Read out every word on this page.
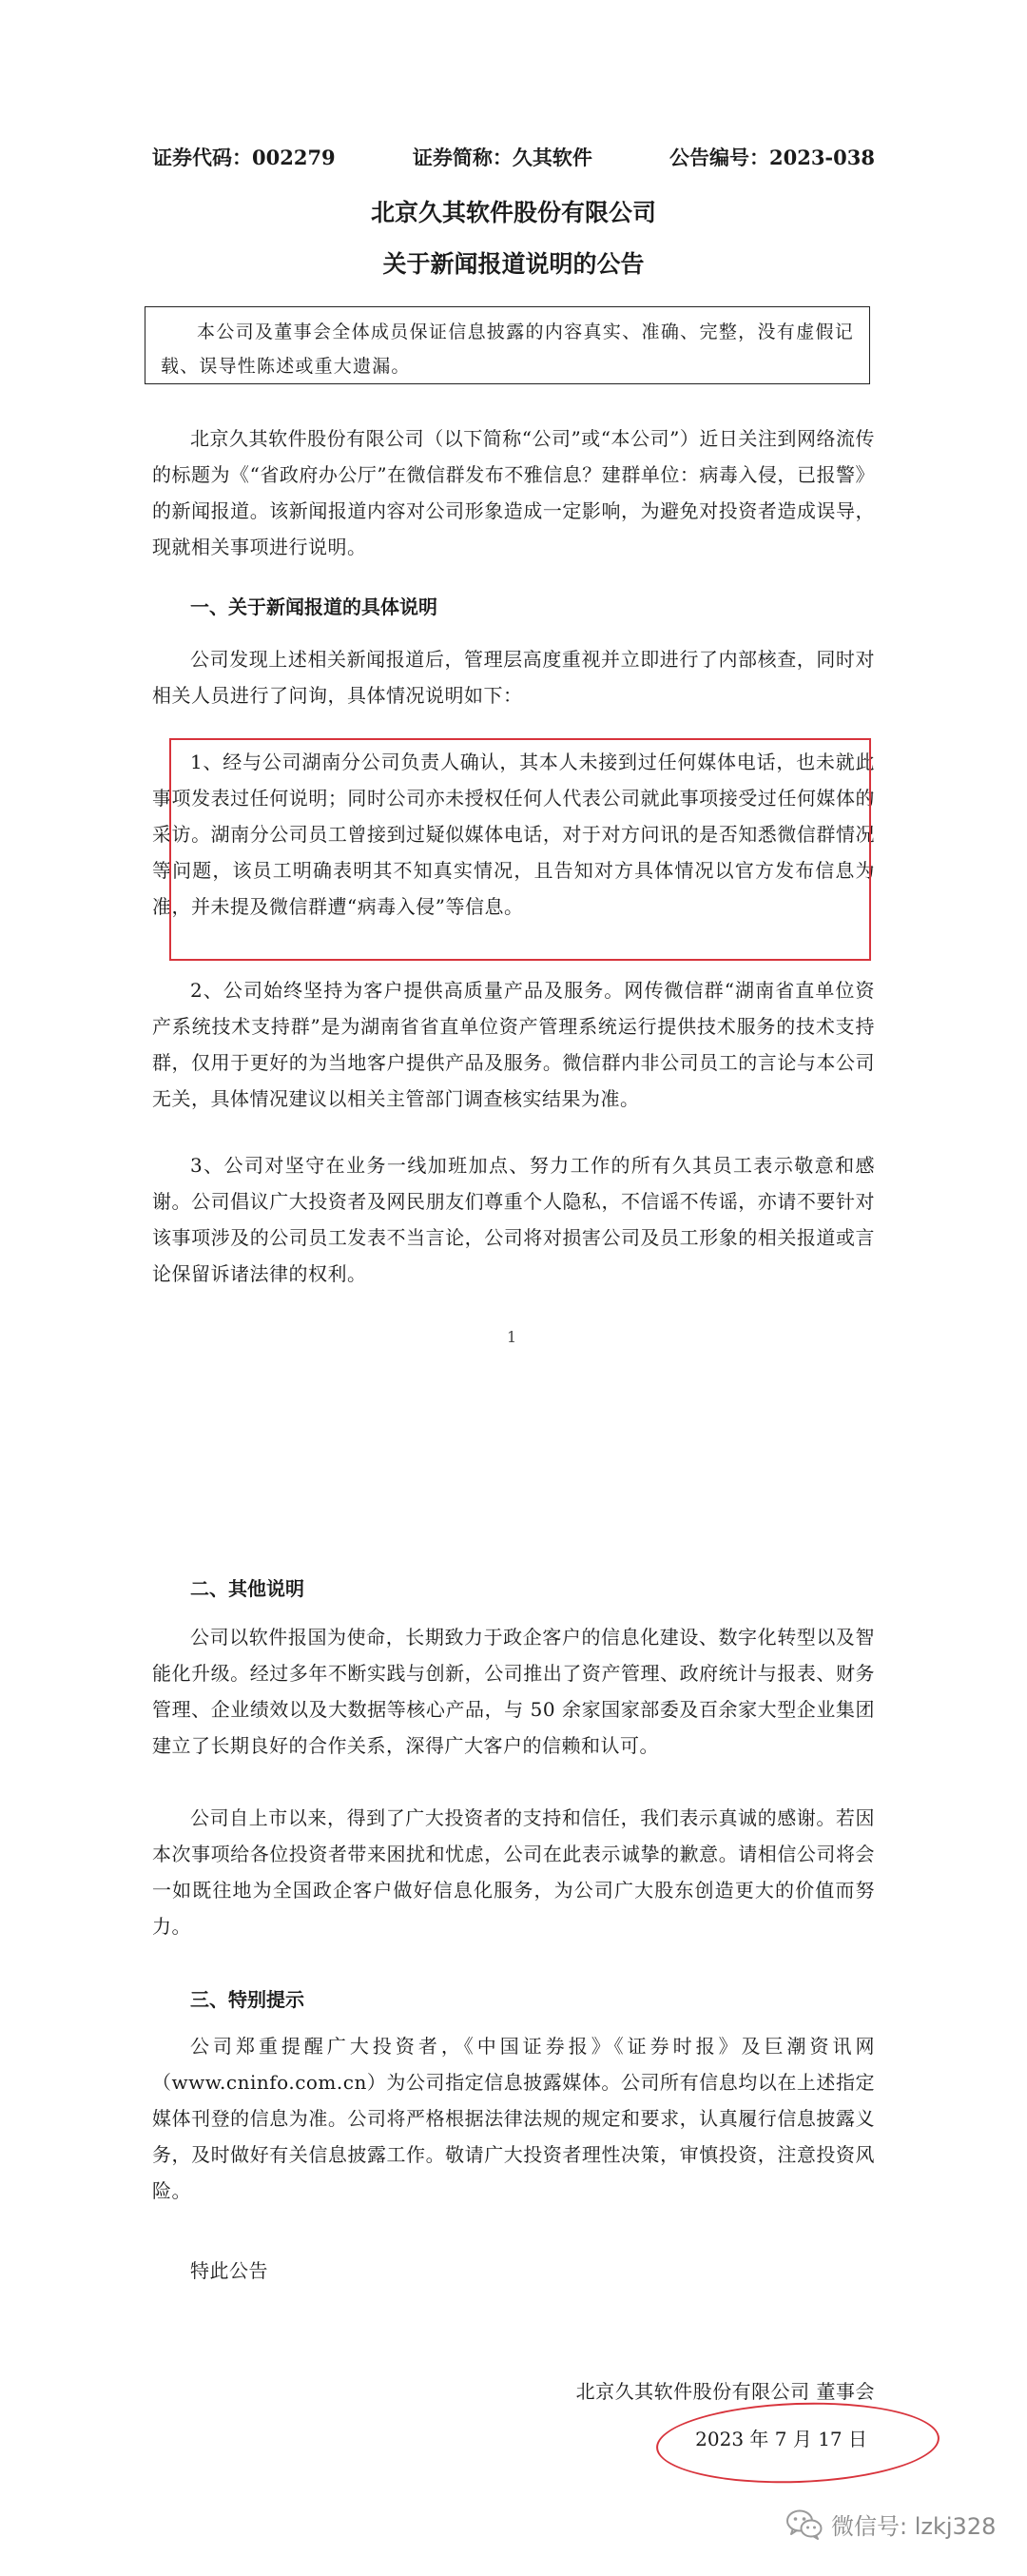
证券代码：002279	证券简称：久其软件	公告编号：2023-038
北京久其软件股份有限公司
关于新闻报道说明的公告
本公司及董事会全体成员保证信息披露的内容真实、准确、完整，没有虚假记载、误导性陈述或重大遗漏。
北京久其软件股份有限公司（以下简称“公司”或“本公司”）近日关注到网络流传的标题为《“省政府办公厅”在微信群发布不雅信息？建群单位：病毒入侵，已报警》的新闻报道。该新闻报道内容对公司形象造成一定影响，为避免对投资者造成误导，现就相关事项进行说明。
一、关于新闻报道的具体说明
公司发现上述相关新闻报道后，管理层高度重视并立即进行了内部核查，同时对相关人员进行了问询，具体情况说明如下：
1、经与公司湖南分公司负责人确认，其本人未接到过任何媒体电话，也未就此事项发表过任何说明；同时公司亦未授权任何人代表公司就此事项接受过任何媒体的采访。湖南分公司员工曾接到过疑似媒体电话，对于对方问讯的是否知悉微信群情况等问题，该员工明确表明其不知真实情况，且告知对方具体情况以官方发布信息为准，并未提及微信群遭“病毒入侵”等信息。
2、公司始终坚持为客户提供高质量产品及服务。网传微信群“湖南省直单位资产系统技术支持群”是为湖南省省直单位资产管理系统运行提供技术服务的技术支持群，仅用于更好的为当地客户提供产品及服务。微信群内非公司员工的言论与本公司无关，具体情况建议以相关主管部门调查核实结果为准。
3、公司对坚守在业务一线加班加点、努力工作的所有久其员工表示敬意和感谢。公司倡议广大投资者及网民朋友们尊重个人隐私，不信谣不传谣，亦请不要针对该事项涉及的公司员工发表不当言论，公司将对损害公司及员工形象的相关报道或言论保留诉诸法律的权利。
1
二、其他说明
公司以软件报国为使命，长期致力于政企客户的信息化建设、数字化转型以及智能化升级。经过多年不断实践与创新，公司推出了资产管理、政府统计与报表、财务管理、企业绩效以及大数据等核心产品，与 50 余家国家部委及百余家大型企业集团建立了长期良好的合作关系，深得广大客户的信赖和认可。
公司自上市以来，得到了广大投资者的支持和信任，我们表示真诚的感谢。若因本次事项给各位投资者带来困扰和忧虑，公司在此表示诚挚的歉意。请相信公司将会一如既往地为全国政企客户做好信息化服务，为公司广大股东创造更大的价值而努力。
三、特别提示
公司郑重提醒广大投资者，《中国证券报》《证券时报》及巨潮资讯网（www.cninfo.com.cn）为公司指定信息披露媒体。公司所有信息均以在上述指定媒体刊登的信息为准。公司将严格根据法律法规的规定和要求，认真履行信息披露义务，及时做好有关信息披露工作。敬请广大投资者理性决策，审慎投资，注意投资风险。
特此公告
北京久其软件股份有限公司 董事会
2023 年 7 月 17 日
微信号: lzkj328
